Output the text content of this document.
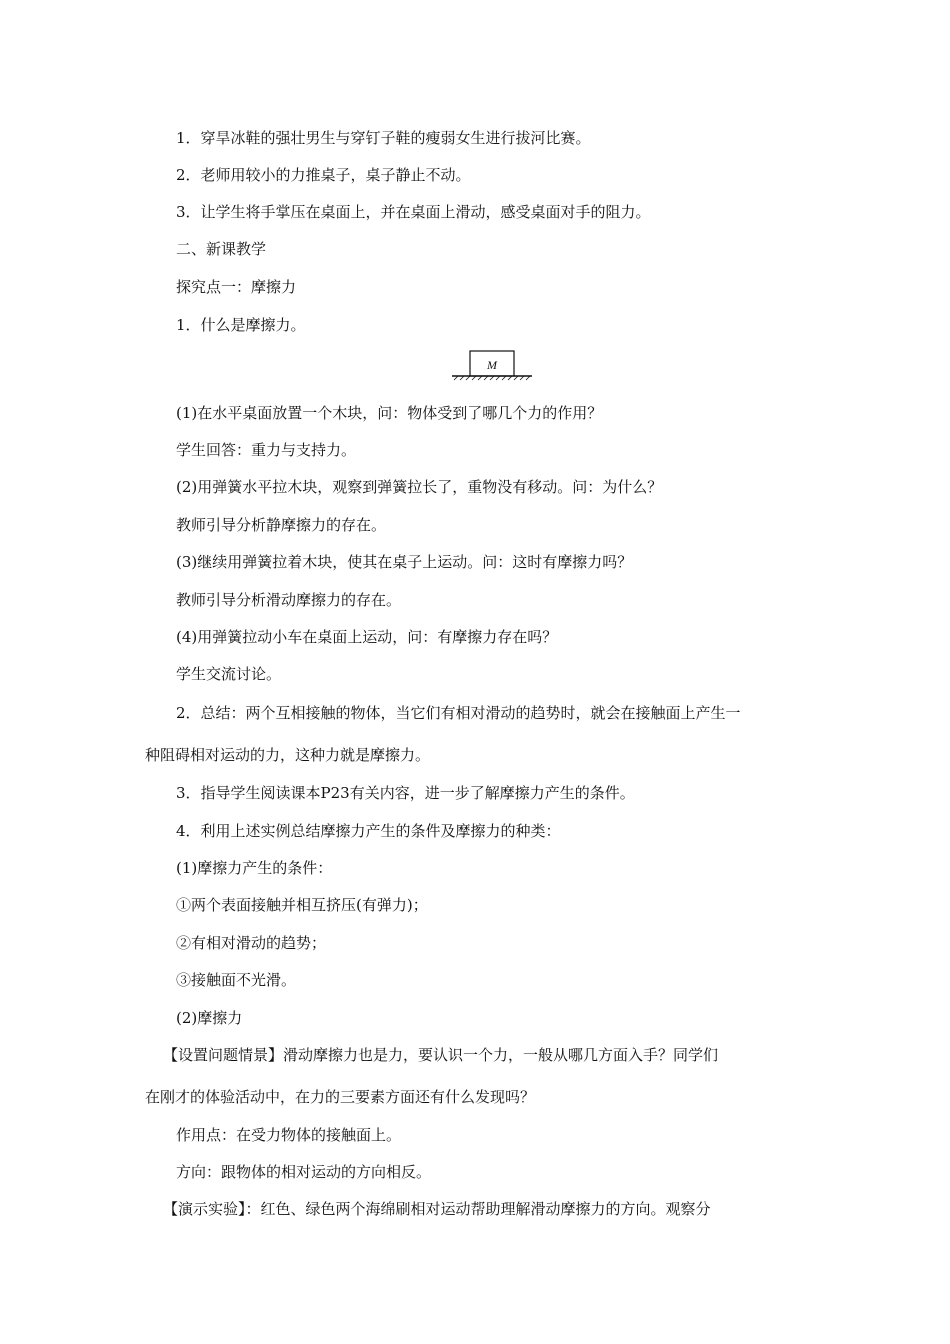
1．穿旱冰鞋的强壮男生与穿钉子鞋的瘦弱女生进行拔河比赛。
2．老师用较小的力推桌子，桌子静止不动。
3．让学生将手掌压在桌面上，并在桌面上滑动，感受桌面对手的阻力。
二、新课教学
探究点一：摩擦力
1．什么是摩擦力。
M
(1)在水平桌面放置一个木块，问：物体受到了哪几个力的作用？
学生回答：重力与支持力。
(2)用弹簧水平拉木块，观察到弹簧拉长了，重物没有移动。问：为什么？
教师引导分析静摩擦力的存在。
(3)继续用弹簧拉着木块，使其在桌子上运动。问：这时有摩擦力吗？
教师引导分析滑动摩擦力的存在。
(4)用弹簧拉动小车在桌面上运动，问：有摩擦力存在吗？
学生交流讨论。
2．总结：两个互相接触的物体，当它们有相对滑动的趋势时，就会在接触面上产生一
种阻碍相对运动的力，这种力就是摩擦力。
3．指导学生阅读课本P23有关内容，进一步了解摩擦力产生的条件。
4．利用上述实例总结摩擦力产生的条件及摩擦力的种类：
(1)摩擦力产生的条件：
①两个表面接触并相互挤压(有弹力)；
②有相对滑动的趋势；
③接触面不光滑。
(2)摩擦力
【设置问题情景】滑动摩擦力也是力，要认识一个力，一般从哪几方面入手？同学们
在刚才的体验活动中，在力的三要素方面还有什么发现吗？
作用点：在受力物体的接触面上。
方向：跟物体的相对运动的方向相反。
【演示实验】：红色、绿色两个海绵刷相对运动帮助理解滑动摩擦力的方向。观察分
